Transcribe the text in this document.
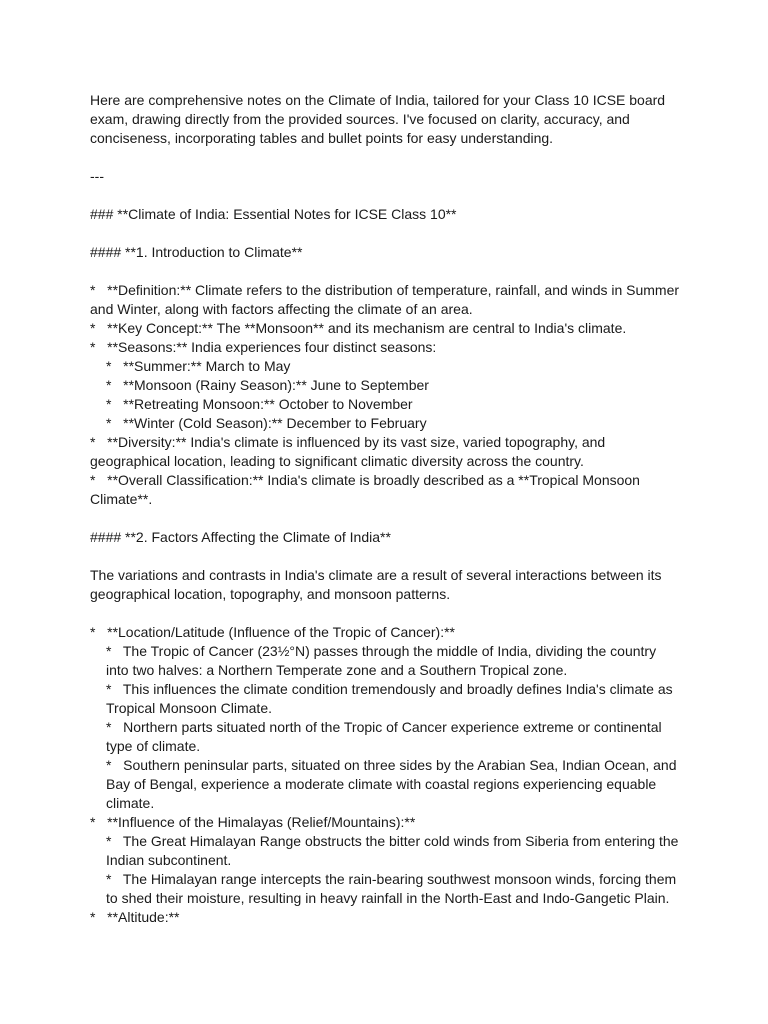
Here are comprehensive notes on the Climate of India, tailored for your Class 10 ICSE board exam, drawing directly from the provided sources. I've focused on clarity, accuracy, and conciseness, incorporating tables and bullet points for easy understanding.

---

### **Climate of India: Essential Notes for ICSE Class 10**

#### **1. Introduction to Climate**

*   **Definition:** Climate refers to the distribution of temperature, rainfall, and winds in Summer and Winter, along with factors affecting the climate of an area.

*   **Key Concept:** The **Monsoon** and its mechanism are central to India's climate.

*   **Seasons:** India experiences four distinct seasons:

*   **Summer:** March to May

*   **Monsoon (Rainy Season):** June to September

*   **Retreating Monsoon:** October to November

*   **Winter (Cold Season):** December to February

*   **Diversity:** India's climate is influenced by its vast size, varied topography, and geographical location, leading to significant climatic diversity across the country.

*   **Overall Classification:** India's climate is broadly described as a **Tropical Monsoon Climate**.

#### **2. Factors Affecting the Climate of India**

The variations and contrasts in India's climate are a result of several interactions between its geographical location, topography, and monsoon patterns.

*   **Location/Latitude (Influence of the Tropic of Cancer):**

*   The Tropic of Cancer (23½°N) passes through the middle of India, dividing the country into two halves: a Northern Temperate zone and a Southern Tropical zone.

*   This influences the climate condition tremendously and broadly defines India's climate as Tropical Monsoon Climate.

*   Northern parts situated north of the Tropic of Cancer experience extreme or continental type of climate.

*   Southern peninsular parts, situated on three sides by the Arabian Sea, Indian Ocean, and Bay of Bengal, experience a moderate climate with coastal regions experiencing equable climate.

*   **Influence of the Himalayas (Relief/Mountains):**

*   The Great Himalayan Range obstructs the bitter cold winds from Siberia from entering the Indian subcontinent.

*   The Himalayan range intercepts the rain-bearing southwest monsoon winds, forcing them to shed their moisture, resulting in heavy rainfall in the North-East and Indo-Gangetic Plain.

*   **Altitude:**
